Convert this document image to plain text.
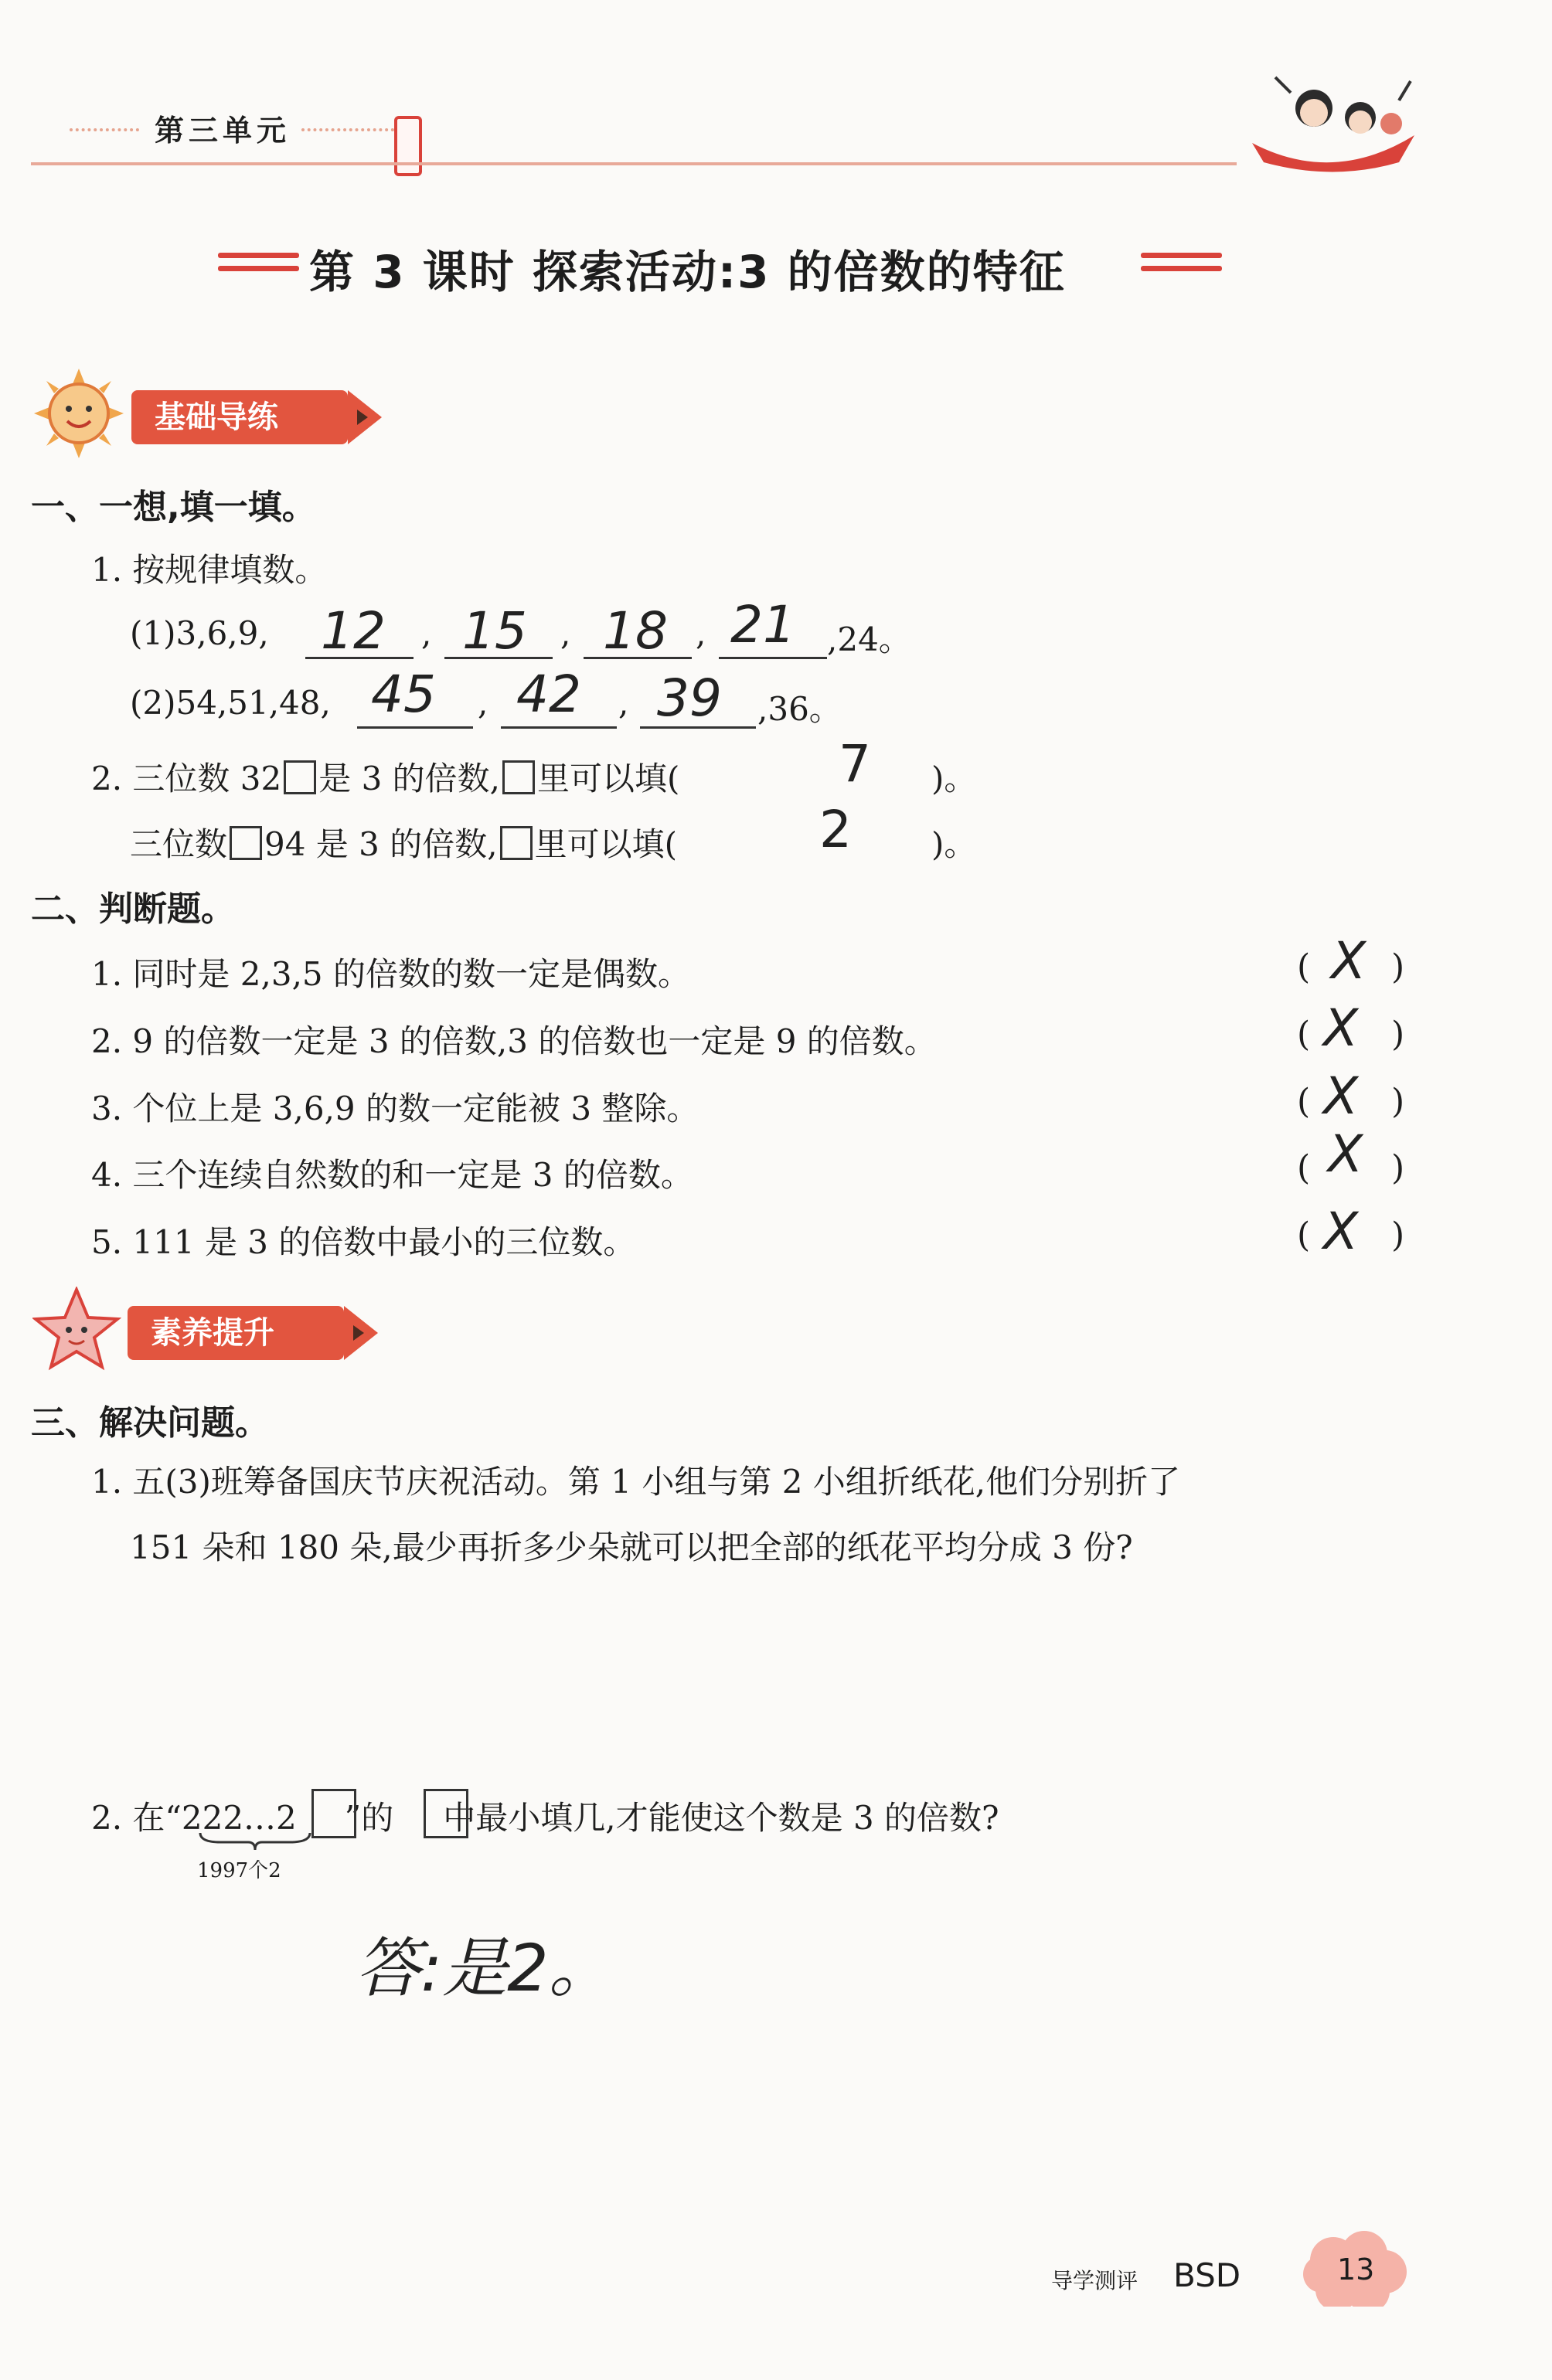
第三单元
第 3 课时 探索活动:3 的倍数的特征
基础导练
一、一想,填一填。
1. 按规律填数。
(1)3,6,9, 12 , 15 , 18 , 21 ,24。
(2)54,51,48, 45 , 42 , 39 ,36。
2. 三位数 32 是 3 的倍数, 里可以填(	7 )。
三位数 94 是 3 的倍数, 里可以填(	2 )。
二、判断题。
1. 同时是 2,3,5 的倍数的数一定是偶数。	( X )
2. 9 的倍数一定是 3 的倍数,3 的倍数也一定是 9 的倍数。	( X )
3. 个位上是 3,6,9 的数一定能被 3 整除。	( X )
4. 三个连续自然数的和一定是 3 的倍数。	( X )
5. 111 是 3 的倍数中最小的三位数。	( X )
素养提升
三、解决问题。
1. 五(3)班筹备国庆节庆祝活动。第 1 小组与第 2 小组折纸花,他们分别折了
151 朵和 180 朵,最少再折多少朵就可以把全部的纸花平均分成 3 份?
2. 在“222…2 ”的 中最小填几,才能使这个数是 3 的倍数?
1997个2
答:是2。
导学测评 BSD	13
